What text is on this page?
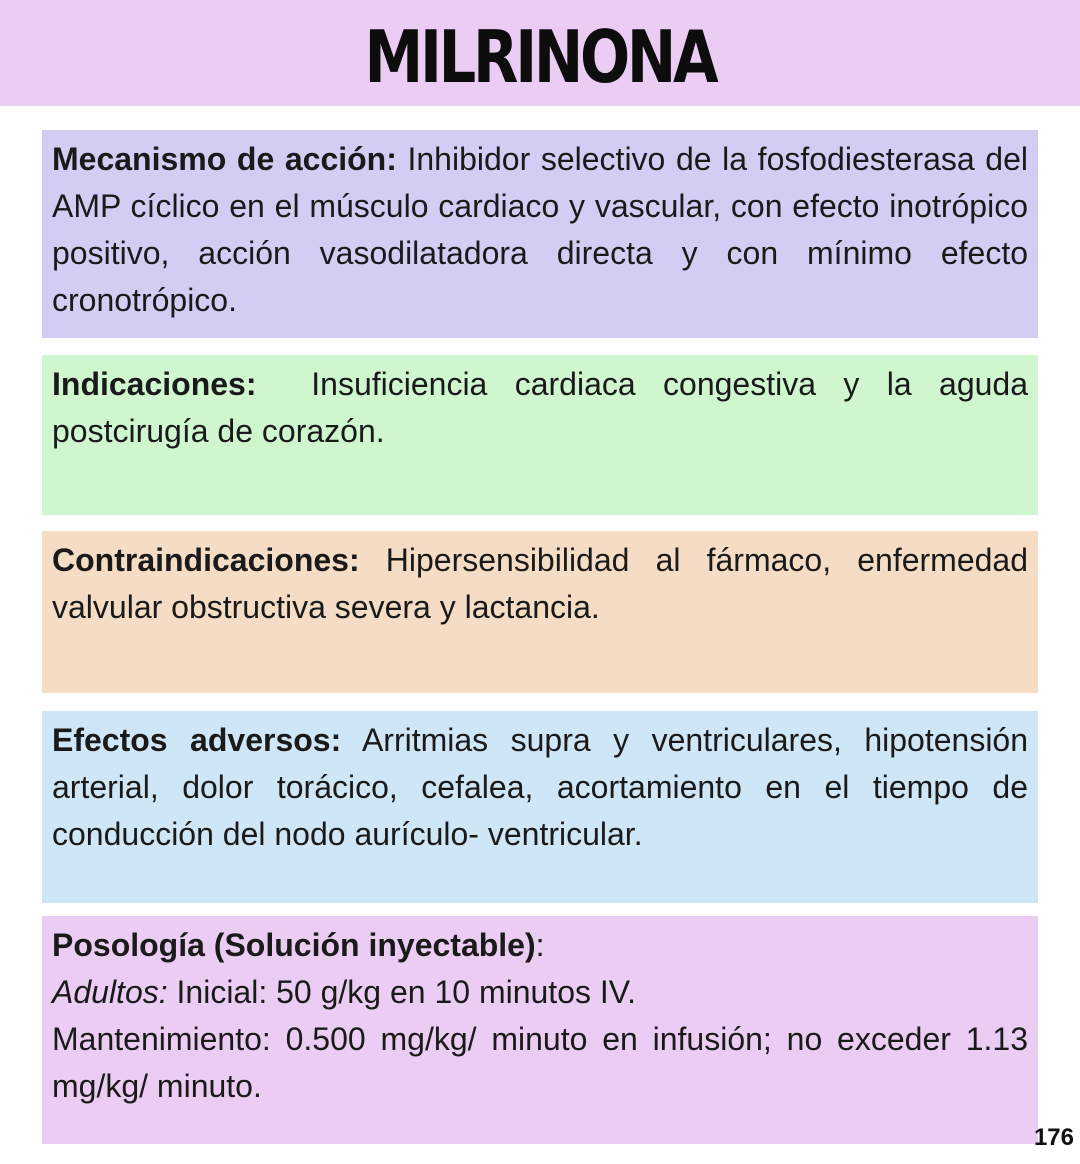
MILRINONA

Mecanismo de acción: Inhibidor selectivo de la fosfodiesterasa del AMP cíclico en el músculo cardiaco y vascular, con efecto inotrópico positivo, acción vasodilatadora directa y con mínimo efecto cronotrópico.

Indicaciones: Insuficiencia cardiaca congestiva y la aguda postcirugía de corazón.

Contraindicaciones: Hipersensibilidad al fármaco, enfermedad valvular obstructiva severa y lactancia.

Efectos adversos: Arritmias supra y ventriculares, hipotensión arterial, dolor torácico, cefalea, acortamiento en el tiempo de conducción del nodo aurículo- ventricular.

Posología (Solución inyectable):

Adultos: Inicial: 50 g/kg en 10 minutos IV.

Mantenimiento: 0.500 mg/kg/ minuto en infusión; no exceder 1.13 mg/kg/ minuto.

176
